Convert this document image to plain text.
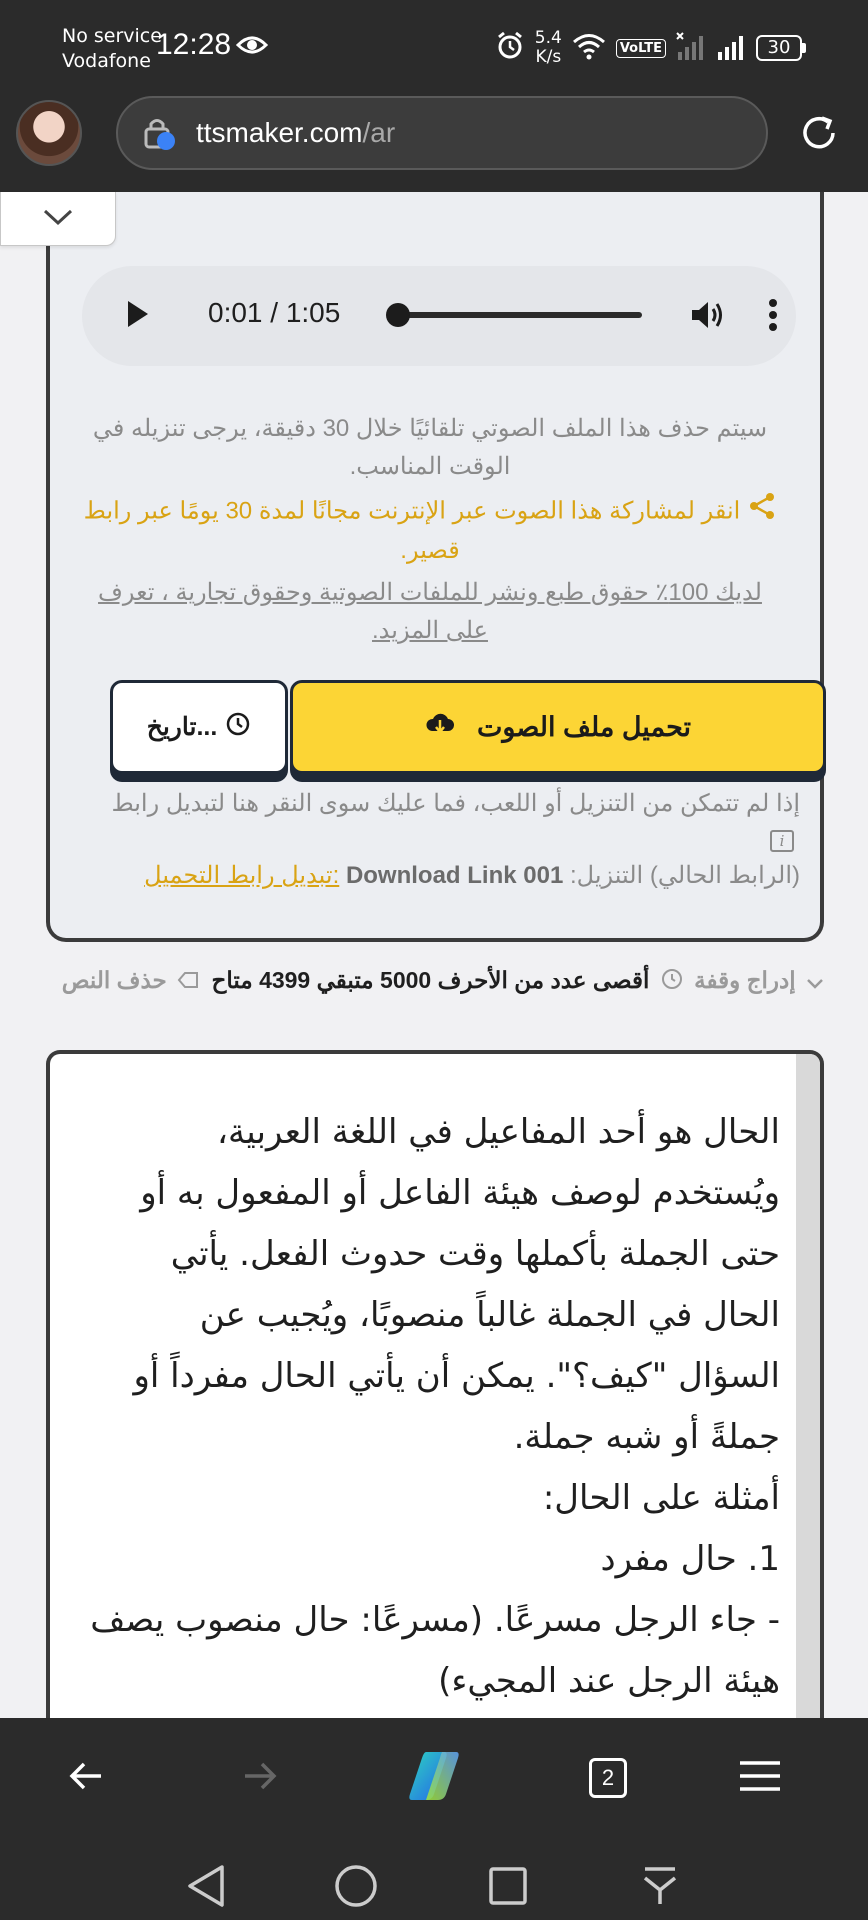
No service
Vodafone 12:28	5.4
K/s	VoLTE	30
ttsmaker.com/ar
0:01 / 1:05
سيتم حذف هذا الملف الصوتي تلقائيًا خلال 30 دقيقة، يرجى تنزيله في الوقت المناسب.
انقر لمشاركة هذا الصوت عبر الإنترنت مجانًا لمدة 30 يومًا عبر رابط قصير.
لديك 100٪ حقوق طبع ونشر للملفات الصوتية وحقوق تجارية ، تعرف على المزيد.
تحميل ملف الصوت
تاريخ...
إذا لم تتمكن من التنزيل أو اللعب، فما عليك سوى النقر هنا لتبديل رابط i
(الرابط الحالي) التنزيل: Download Link 001 :تبديل رابط التحميل
إدراج وقفة  أقصى عدد من الأحرف 5000 متبقي 4399 متاح  حذف النص
الحال هو أحد المفاعيل في اللغة العربية، ويُستخدم لوصف هيئة الفاعل أو المفعول به أو حتى الجملة بأكملها وقت حدوث الفعل. يأتي الحال في الجملة غالباً منصوبًا، ويُجيب عن السؤال "كيف؟". يمكن أن يأتي الحال مفرداً أو جملةً أو شبه جملة.
أمثلة على الحال:
1. حال مفرد
- جاء الرجل مسرعًا. (مسرعًا: حال منصوب يصف هيئة الرجل عند المجيء)
2
